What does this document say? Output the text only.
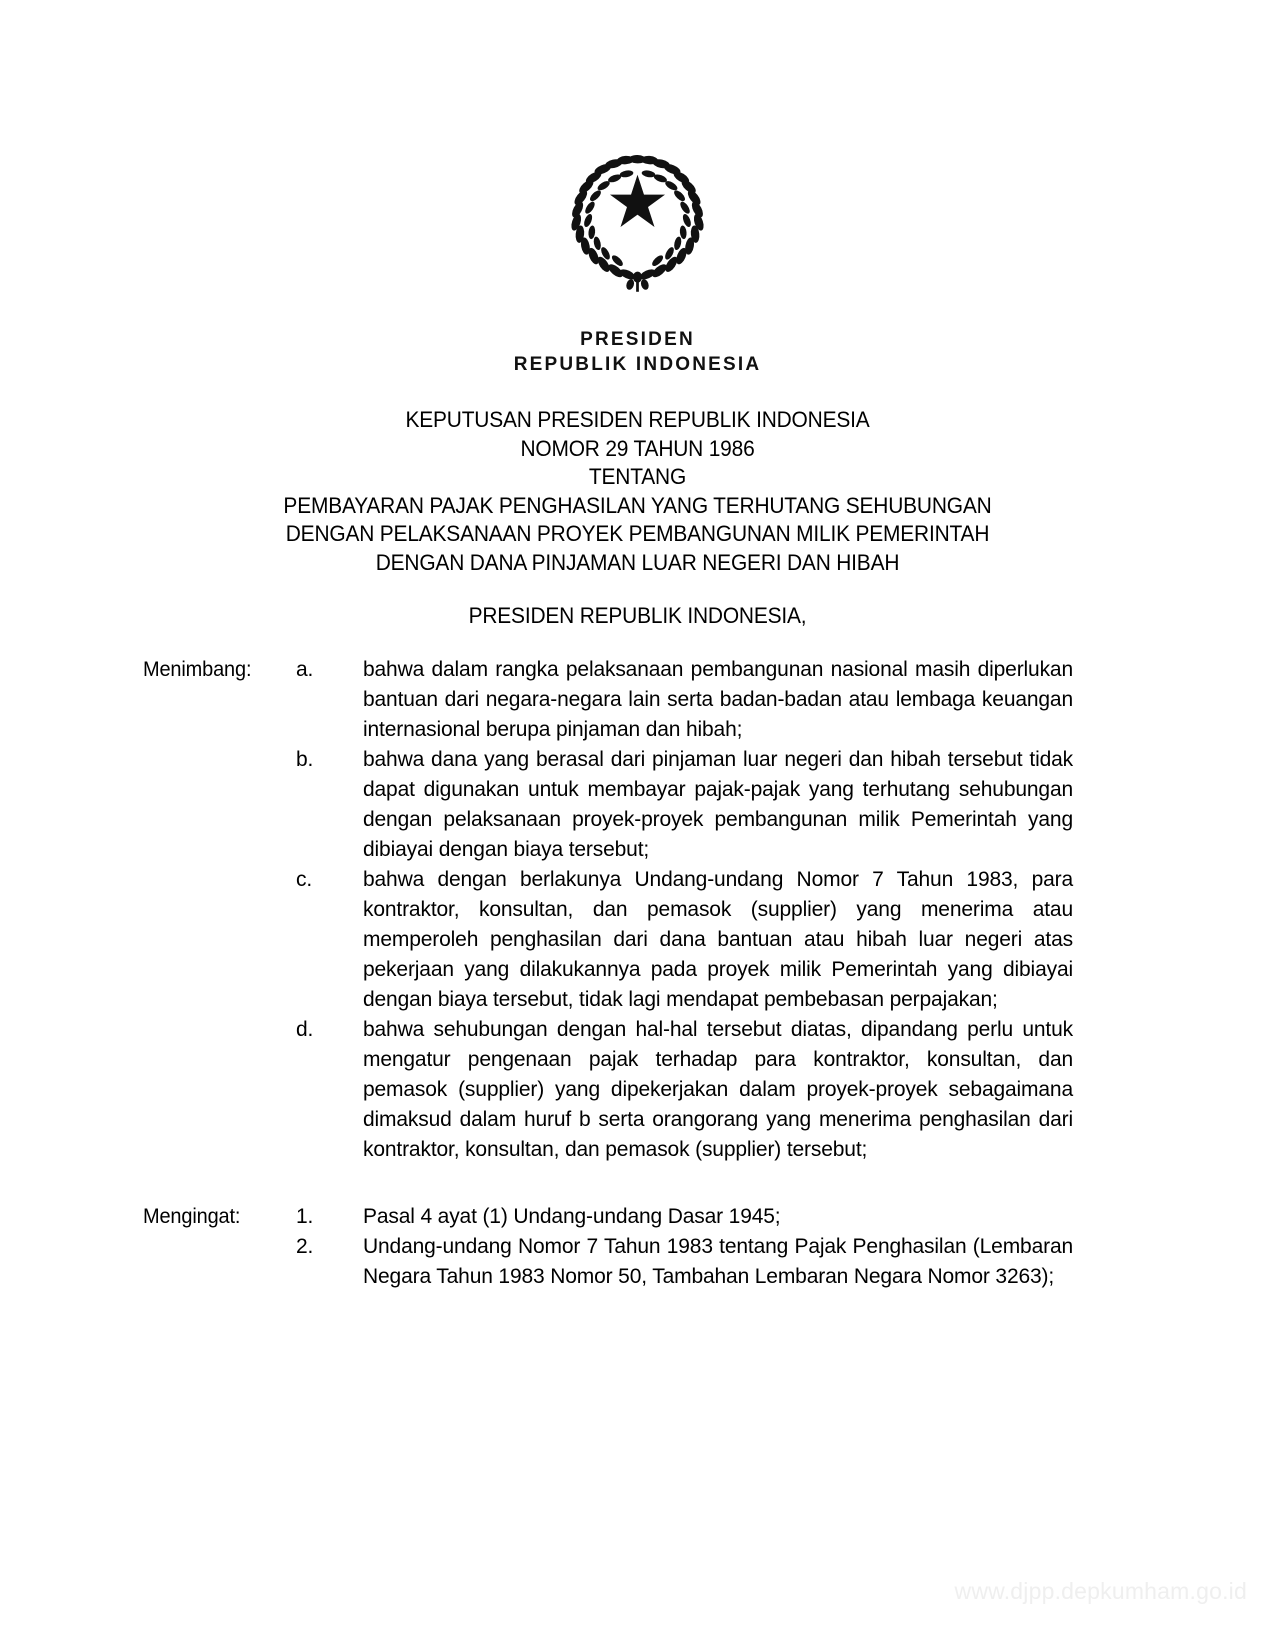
PRESIDEN
REPUBLIK INDONESIA
KEPUTUSAN PRESIDEN REPUBLIK INDONESIA
NOMOR 29 TAHUN 1986
TENTANG
PEMBAYARAN PAJAK PENGHASILAN YANG TERHUTANG SEHUBUNGAN
DENGAN PELAKSANAAN PROYEK PEMBANGUNAN MILIK PEMERINTAH
DENGAN DANA PINJAMAN LUAR NEGERI DAN HIBAH
PRESIDEN REPUBLIK INDONESIA,
Menimbang:	a.	bahwa dalam rangka pelaksanaan pembangunan nasional masih diperlukan bantuan dari negara-negara lain serta badan-badan atau lembaga keuangan internasional berupa pinjaman dan hibah;
b.	bahwa dana yang berasal dari pinjaman luar negeri dan hibah tersebut tidak dapat digunakan untuk membayar pajak-pajak yang terhutang sehubungan dengan pelaksanaan proyek-proyek pembangunan milik Pemerintah yang dibiayai dengan biaya tersebut;
c.	bahwa dengan berlakunya Undang-undang Nomor 7 Tahun 1983, para kontraktor, konsultan, dan pemasok (supplier) yang menerima atau memperoleh penghasilan dari dana bantuan atau hibah luar negeri atas pekerjaan yang dilakukannya pada proyek milik Pemerintah yang dibiayai dengan biaya tersebut, tidak lagi mendapat pembebasan perpajakan;
d.	bahwa sehubungan dengan hal-hal tersebut diatas, dipandang perlu untuk mengatur pengenaan pajak terhadap para kontraktor, konsultan, dan pemasok (supplier) yang dipekerjakan dalam proyek-proyek sebagaimana dimaksud dalam huruf b serta orangorang yang menerima penghasilan dari kontraktor, konsultan, dan pemasok (supplier) tersebut;
Mengingat:	1.	Pasal 4 ayat (1) Undang-undang Dasar 1945;
2.	Undang-undang Nomor 7 Tahun 1983 tentang Pajak Penghasilan (Lembaran Negara Tahun 1983 Nomor 50, Tambahan Lembaran Negara Nomor 3263);
www.djpp.depkumham.go.id
